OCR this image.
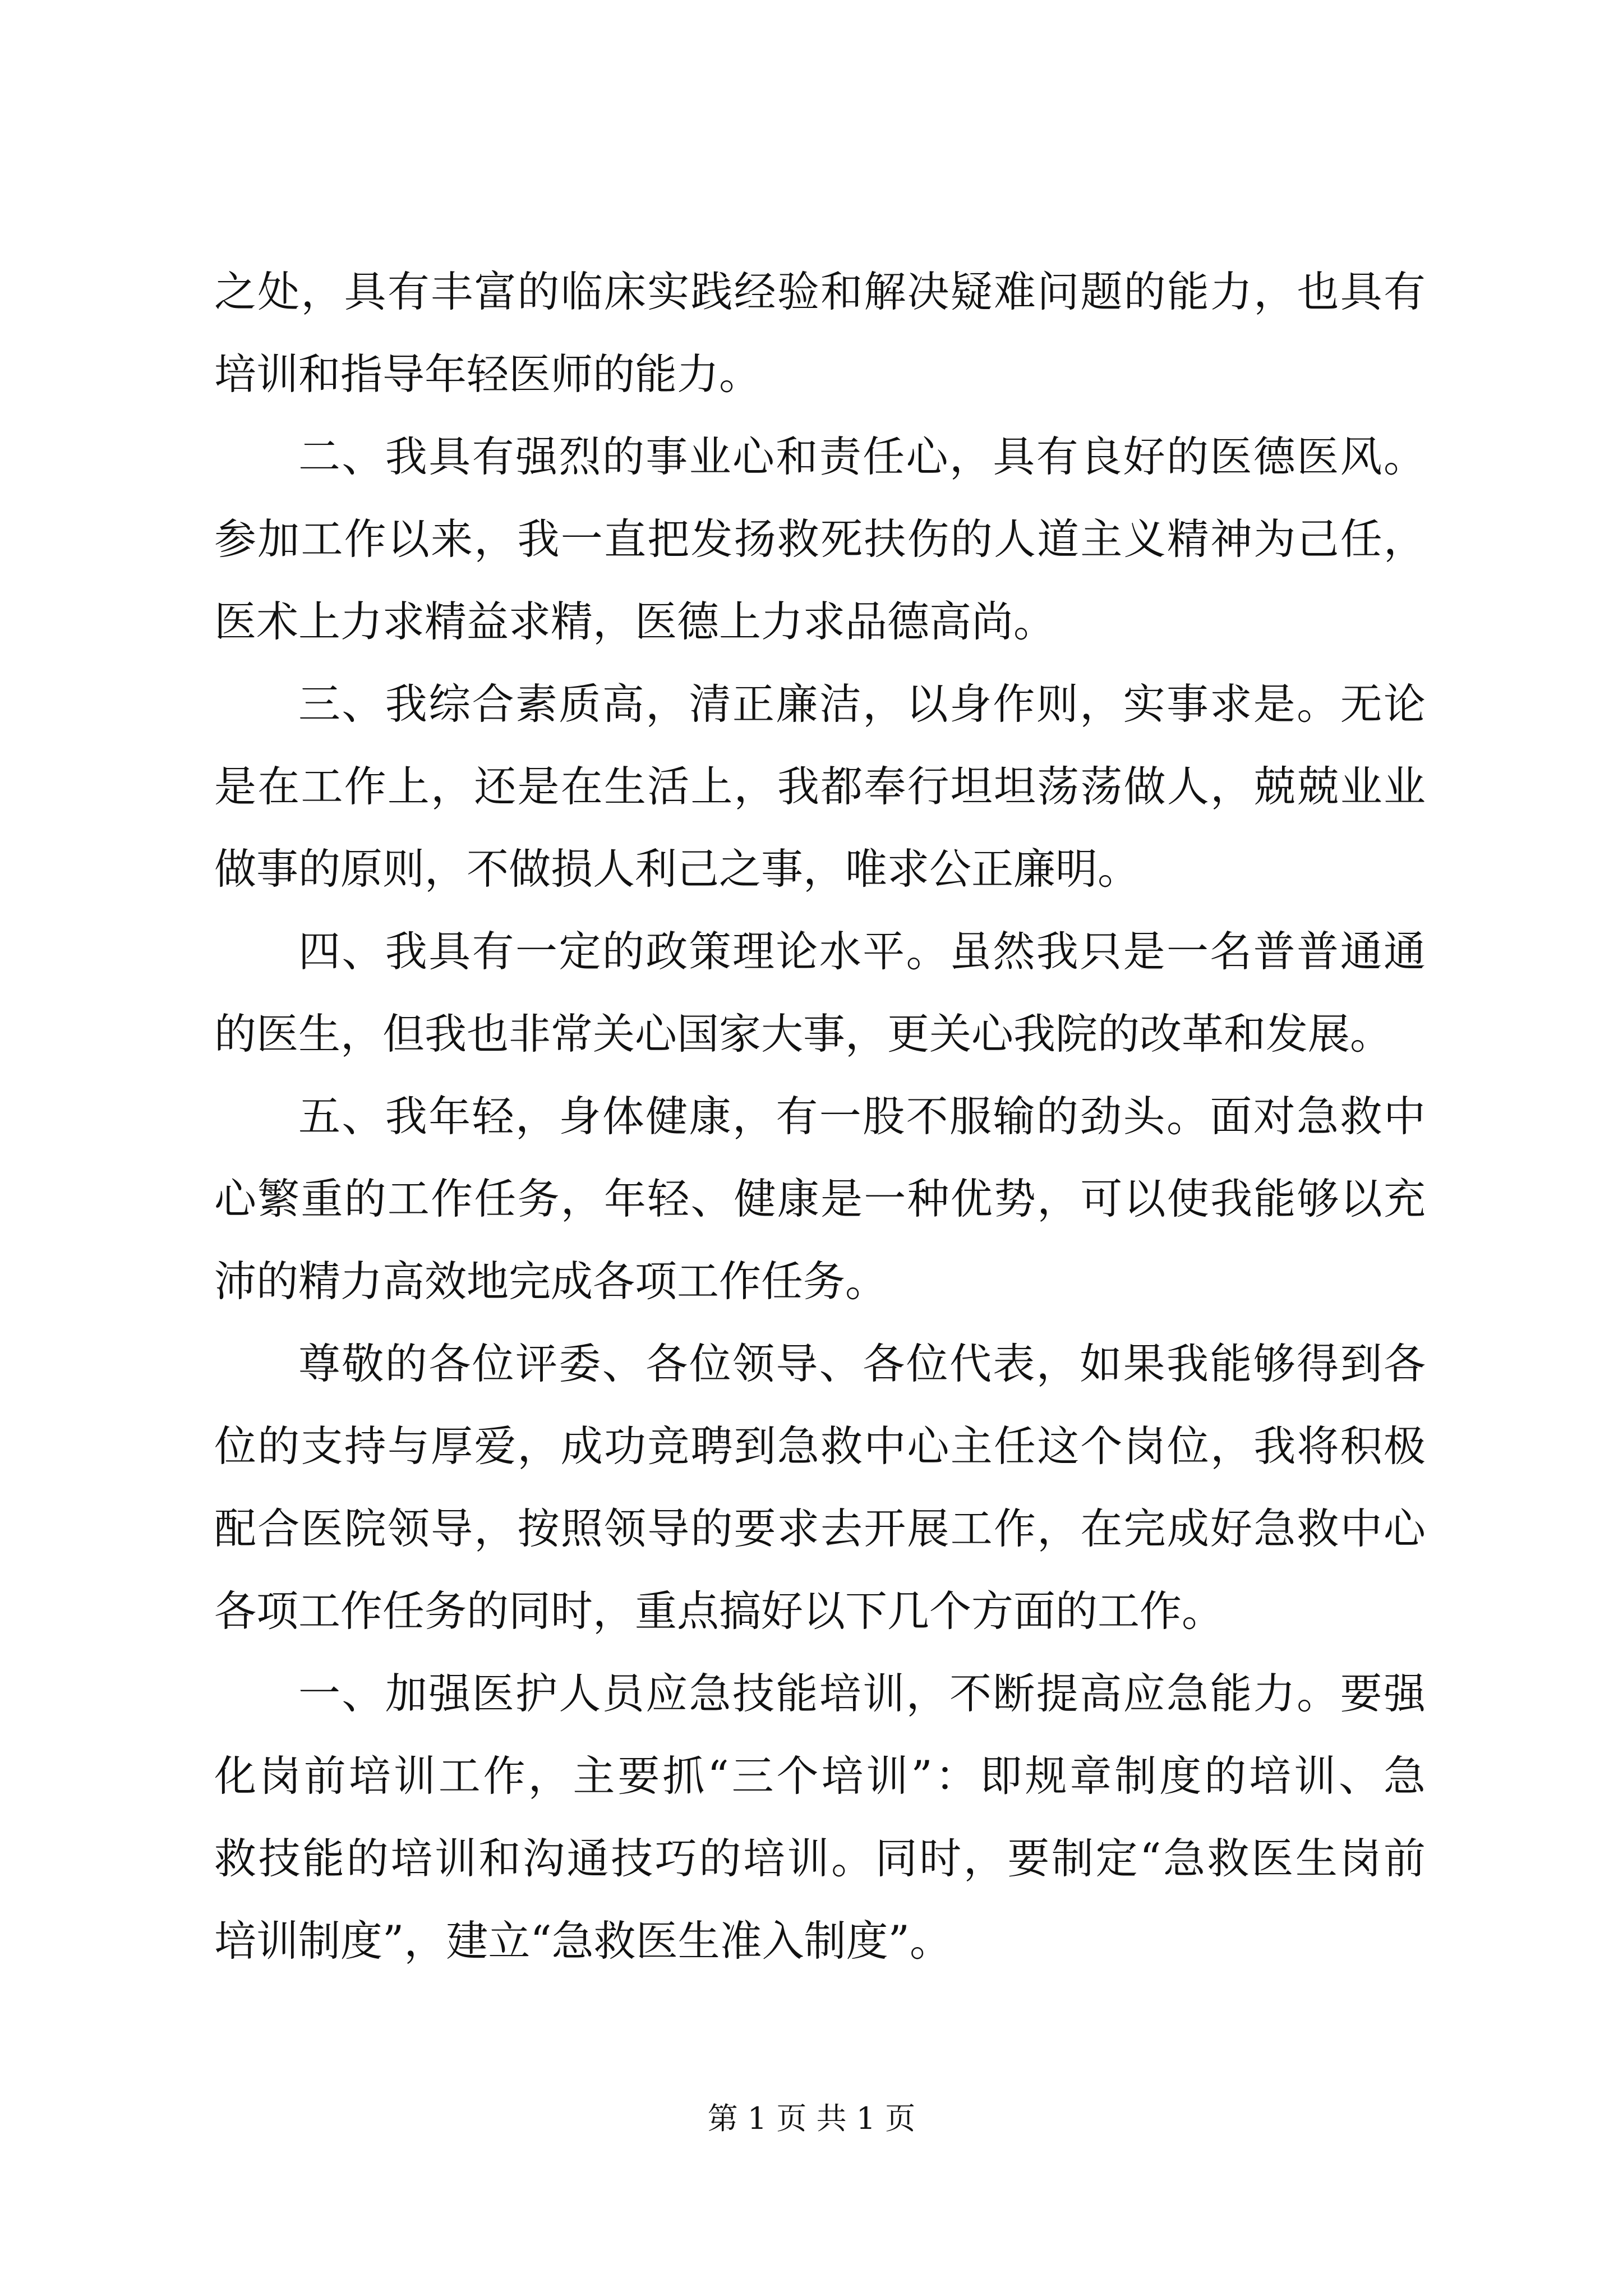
之处，具有丰富的临床实践经验和解决疑难问题的能力，也具有
培训和指导年轻医师的能力。
二、我具有强烈的事业心和责任心，具有良好的医德医风。
参加工作以来，我一直把发扬救死扶伤的人道主义精神为己任，
医术上力求精益求精，医德上力求品德高尚。
三、我综合素质高，清正廉洁，以身作则，实事求是。无论
是在工作上，还是在生活上，我都奉行坦坦荡荡做人，兢兢业业
做事的原则，不做损人利己之事，唯求公正廉明。
四、我具有一定的政策理论水平。虽然我只是一名普普通通
的医生，但我也非常关心国家大事，更关心我院的改革和发展。
五、我年轻，身体健康，有一股不服输的劲头。面对急救中
心繁重的工作任务，年轻、健康是一种优势，可以使我能够以充
沛的精力高效地完成各项工作任务。
尊敬的各位评委、各位领导、各位代表，如果我能够得到各
位的支持与厚爱，成功竞聘到急救中心主任这个岗位，我将积极
配合医院领导，按照领导的要求去开展工作，在完成好急救中心
各项工作任务的同时，重点搞好以下几个方面的工作。
一、加强医护人员应急技能培训，不断提高应急能力。要强
化岗前培训工作，主要抓“三个培训”：即规章制度的培训、急
救技能的培训和沟通技巧的培训。同时，要制定“急救医生岗前
培训制度”，建立“急救医生准入制度”。
第 1 页 共 1 页
